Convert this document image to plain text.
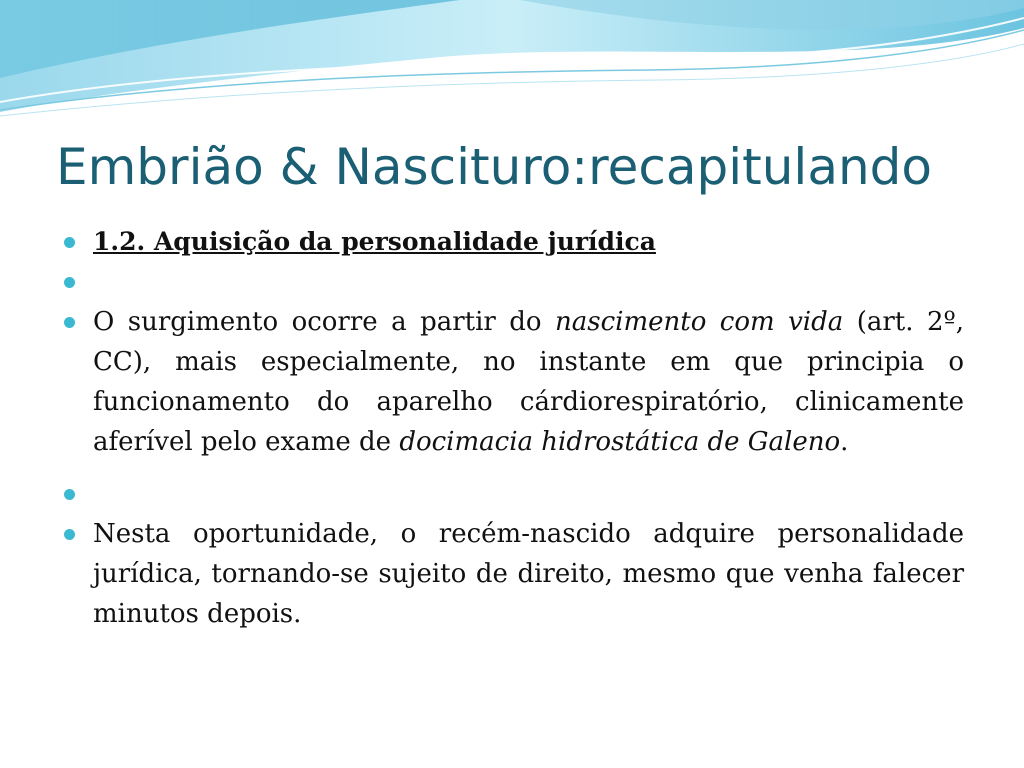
Embrião & Nascituro:recapitulando
1.2. Aquisição da personalidade jurídica
O surgimento ocorre a partir do nascimento com vida (art. 2º, CC), mais especialmente, no instante em que principia o funcionamento do aparelho cárdiorespiratório, clinicamente aferível pelo exame de docimacia hidrostática de Galeno.
Nesta oportunidade, o recém-nascido adquire personalidade jurídica, tornando-se sujeito de direito, mesmo que venha falecer minutos depois.
